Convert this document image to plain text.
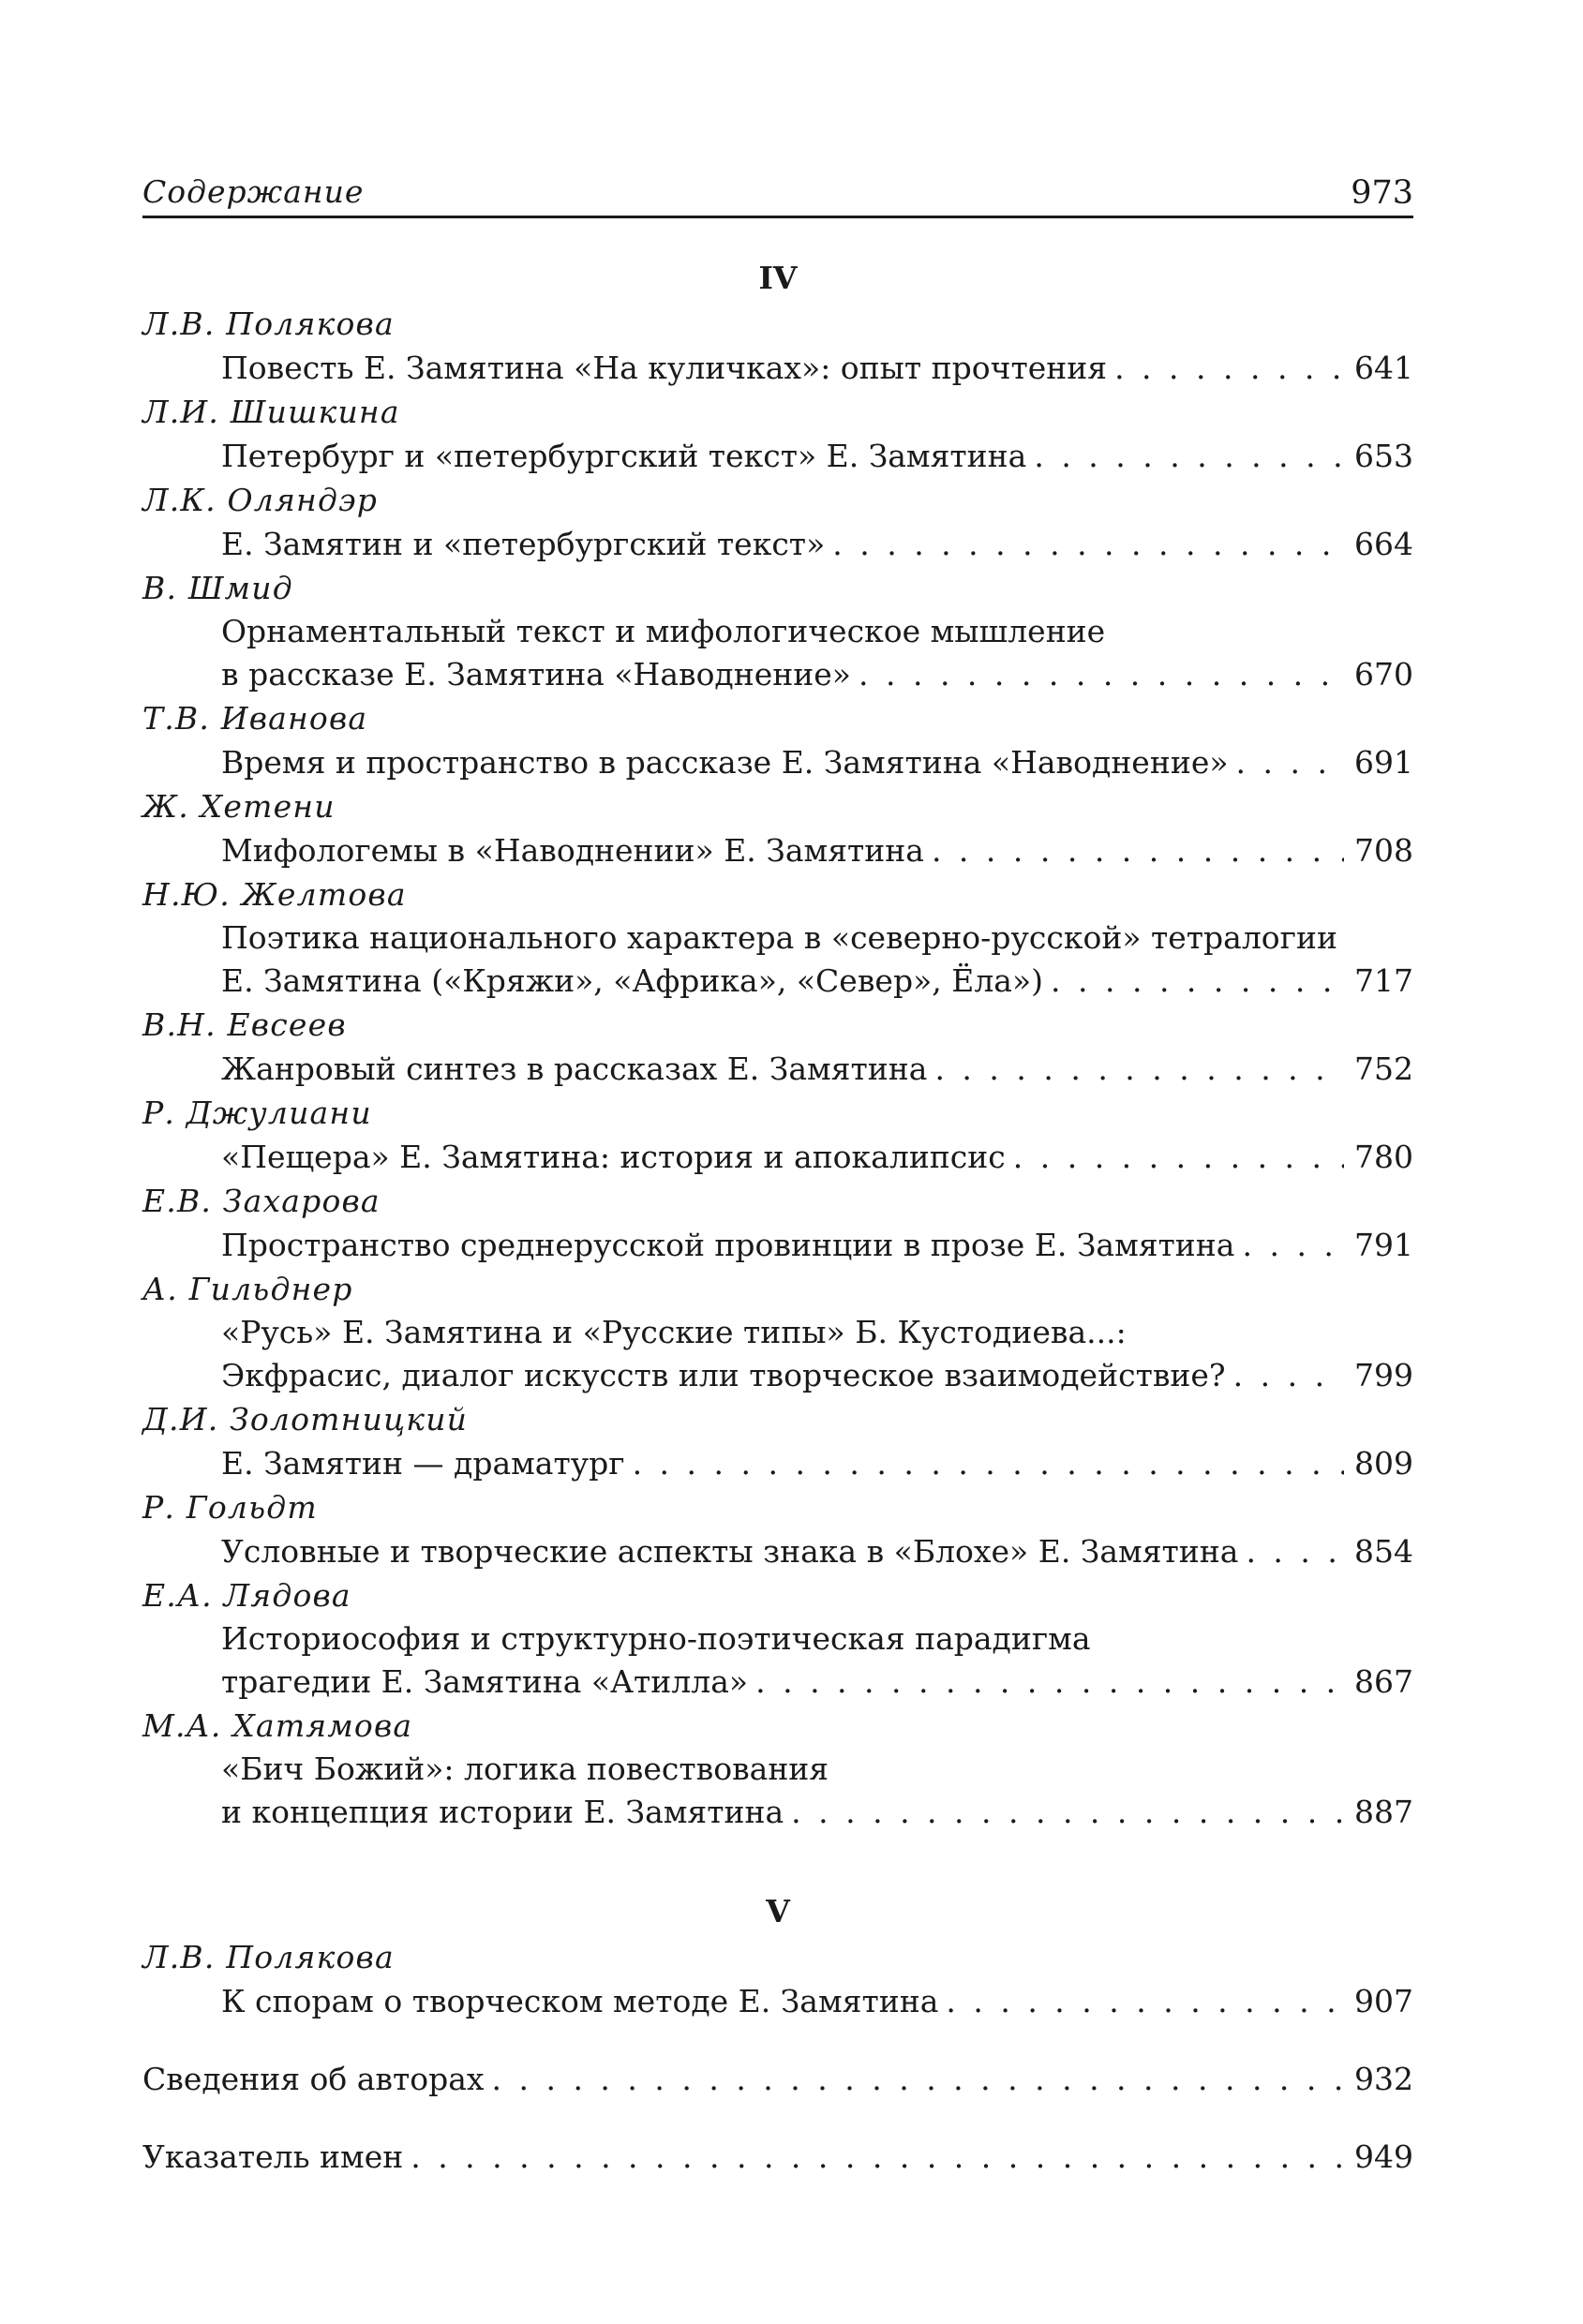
Содержание	973
IV
Л.В. Полякова
Повесть Е. Замятина «На куличках»: опыт прочтения . . .	641
Л.И. Шишкина
Петербург и «петербургский текст» Е. Замятина . . .	653
Л.К. Оляндэр
Е. Замятин и «петербургский текст» . . .	664
В. Шмид
Орнаментальный текст и мифологическое мышление
в рассказе Е. Замятина «Наводнение» . . .	670
Т.В. Иванова
Время и пространство в рассказе Е. Замятина «Наводнение» . . .	691
Ж. Хетени
Мифологемы в «Наводнении» Е. Замятина . . .	708
Н.Ю. Желтова
Поэтика национального характера в «северно-русской» тетралогии
Е. Замятина («Кряжи», «Африка», «Север», Ёла») . . .	717
В.Н. Евсеев
Жанровый синтез в рассказах Е. Замятина . . .	752
Р. Джулиани
«Пещера» Е. Замятина: история и апокалипсис . . .	780
Е.В. Захарова
Пространство среднерусской провинции в прозе Е. Замятина . . .	791
А. Гильднер
«Русь» Е. Замятина и «Русские типы» Б. Кустодиева...:
Экфрасис, диалог искусств или творческое взаимодействие? . . .	799
Д.И. Золотницкий
Е. Замятин — драматург . . .	809
Р. Гольдт
Условные и творческие аспекты знака в «Блохе» Е. Замятина . . .	854
Е.А. Лядова
Историософия и структурно-поэтическая парадигма
трагедии Е. Замятина «Атилла» . . .	867
М.А. Хатямова
«Бич Божий»: логика повествования
и концепция истории Е. Замятина . . .	887
V
Л.В. Полякова
К спорам о творческом методе Е. Замятина . . .	907
Сведения об авторах . . .	932
Указатель имен . . .	949
